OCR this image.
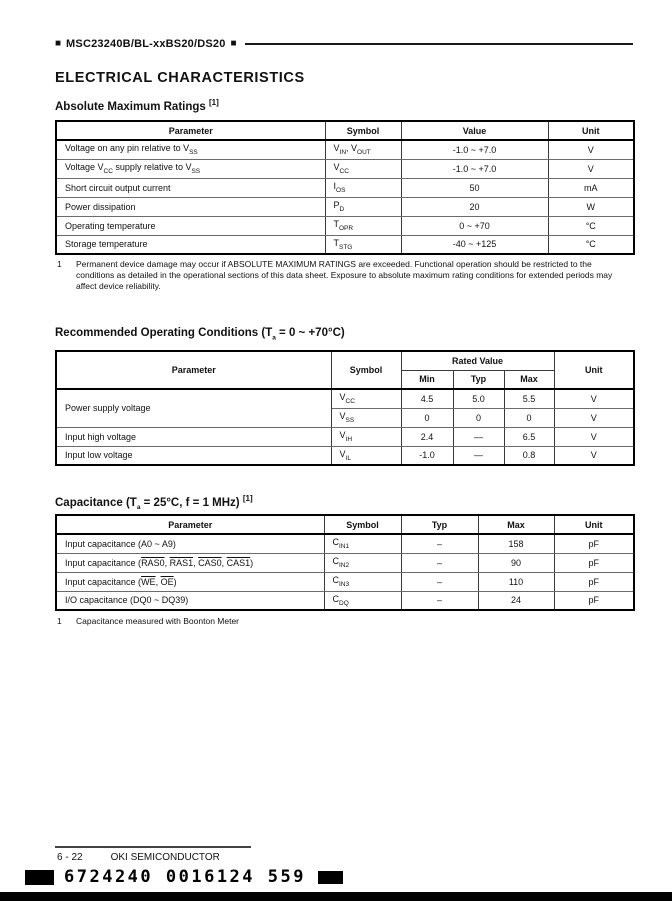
■ MSC23240B/BL-xxBS20/DS20 ■
ELECTRICAL CHARACTERISTICS
Absolute Maximum Ratings [1]
Parameter	Symbol	Value	Unit
Voltage on any pin relative to $V_{SS}$	$V_{IN}$, $V_{OUT}$	-1.0 ~ +7.0	V
Voltage $V_{CC}$ supply relative to $V_{SS}$	$V_{CC}$	-1.0 ~ +7.0	V
Short circuit output current	$I_{OS}$	50	mA
Power dissipation	$P_D$	20	W
Operating temperature	$T_{OPR}$	0 ~ +70	°C
Storage temperature	$T_{STG}$	-40 ~ +125	°C
1	Permanent device damage may occur if ABSOLUTE MAXIMUM RATINGS are exceeded. Functional operation should be restricted to the conditions as detailed in the operational sections of this data sheet. Exposure to absolute maximum rating conditions for extended periods may affect device reliability.
Recommended Operating Conditions ($T_a = 0$ ~ +70°C)
Parameter	Symbol	Rated Value			Unit
		Min	Typ	Max	
Power supply voltage	$V_{CC}$	4.5	5.0	5.5	V
	$V_{SS}$	0	0	0	V
Input high voltage	$V_{IH}$	2.4	—	6.5	V
Input low voltage	$V_{IL}$	-1.0	—	0.8	V
Capacitance ($T_a = 25^\circ C$, f = 1 MHz) [1]
Parameter	Symbol	Typ	Max	Unit
Input capacitance (A0 ~ A9)	$C_{IN1}$	–	158	pF
Input capacitance (RAS0, RAS1, CAS0, CAS1)	$C_{IN2}$	–	90	pF
Input capacitance ($\overline{WE}$, $\overline{OE}$)	$C_{IN3}$	–	110	pF
I/O capacitance (DQ0 ~ DQ39)	$C_{DQ}$	–	24	pF
1	Capacitance measured with Boonton Meter
6 - 22	OKI SEMICONDUCTOR
6724240 0016124 559
